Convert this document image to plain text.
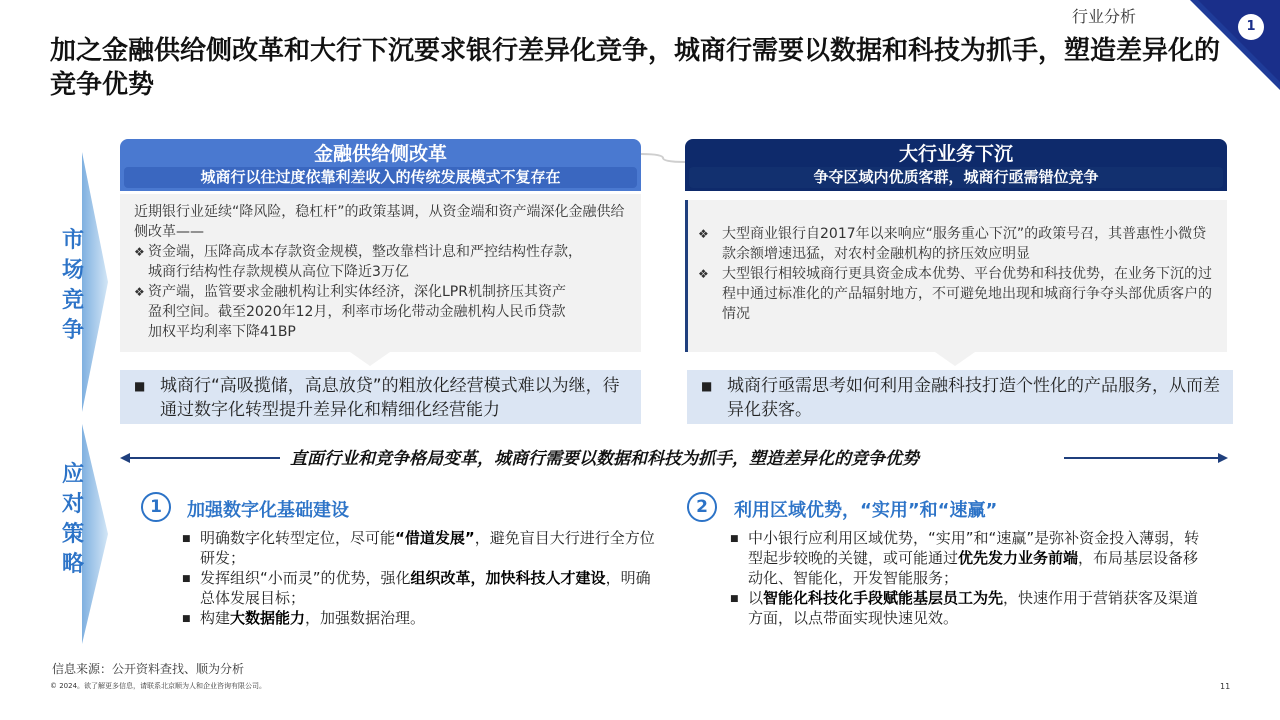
行业分析
1
加之金融供给侧改革和大行下沉要求银行差异化竞争，城商行需要以数据和科技为抓手，塑造差异化的竞争优势
市
场
竞
争
应
对
策
略
金融供给侧改革
城商行以往过度依靠利差收入的传统发展模式不复存在
大行业务下沉
争夺区域内优质客群，城商行亟需错位竞争
近期银行业延续“降风险，稳杠杆”的政策基调，从资金端和资产端深化金融供给侧改革——
❖ 资金端，压降高成本存款资金规模，整改靠档计息和严控结构性存款，
城商行结构性存款规模从高位下降近3万亿
❖ 资产端，监管要求金融机构让利实体经济，深化LPR机制挤压其资产
盈利空间。截至2020年12月，利率市场化带动金融机构人民币贷款
加权平均利率下降41BP
❖ 大型商业银行自2017年以来响应“服务重心下沉”的政策号召，其普惠性小微贷款余额增速迅猛，对农村金融机构的挤压效应明显
❖ 大型银行相较城商行更具资金成本优势、平台优势和科技优势，在业务下沉的过程中通过标准化的产品辐射地方，不可避免地出现和城商行争夺头部优质客户的情况
■ 城商行“高吸揽储，高息放贷”的粗放化经营模式难以为继，待通过数字化转型提升差异化和精细化经营能力
■ 城商行亟需思考如何利用金融科技打造个性化的产品服务，从而差异化获客。
直面行业和竞争格局变革，城商行需要以数据和科技为抓手，塑造差异化的竞争优势
1	加强数字化基础建设
■ 明确数字化转型定位，尽可能“借道发展”，避免盲目大行进行全方位研发；
■ 发挥组织“小而灵”的优势，强化组织改革，加快科技人才建设，明确总体发展目标；
■ 构建大数据能力，加强数据治理。
2	利用区域优势，“实用”和“速赢”
■ 中小银行应利用区域优势，“实用”和“速赢”是弥补资金投入薄弱，转型起步较晚的关键，或可能通过优先发力业务前端，布局基层设备移动化、智能化，开发智能服务；
■ 以智能化科技化手段赋能基层员工为先，快速作用于营销获客及渠道方面，以点带面实现快速见效。
信息来源：公开资料查找、顺为分析
© 2024。欲了解更多信息，请联系北京顺为人和企业咨询有限公司。	11
